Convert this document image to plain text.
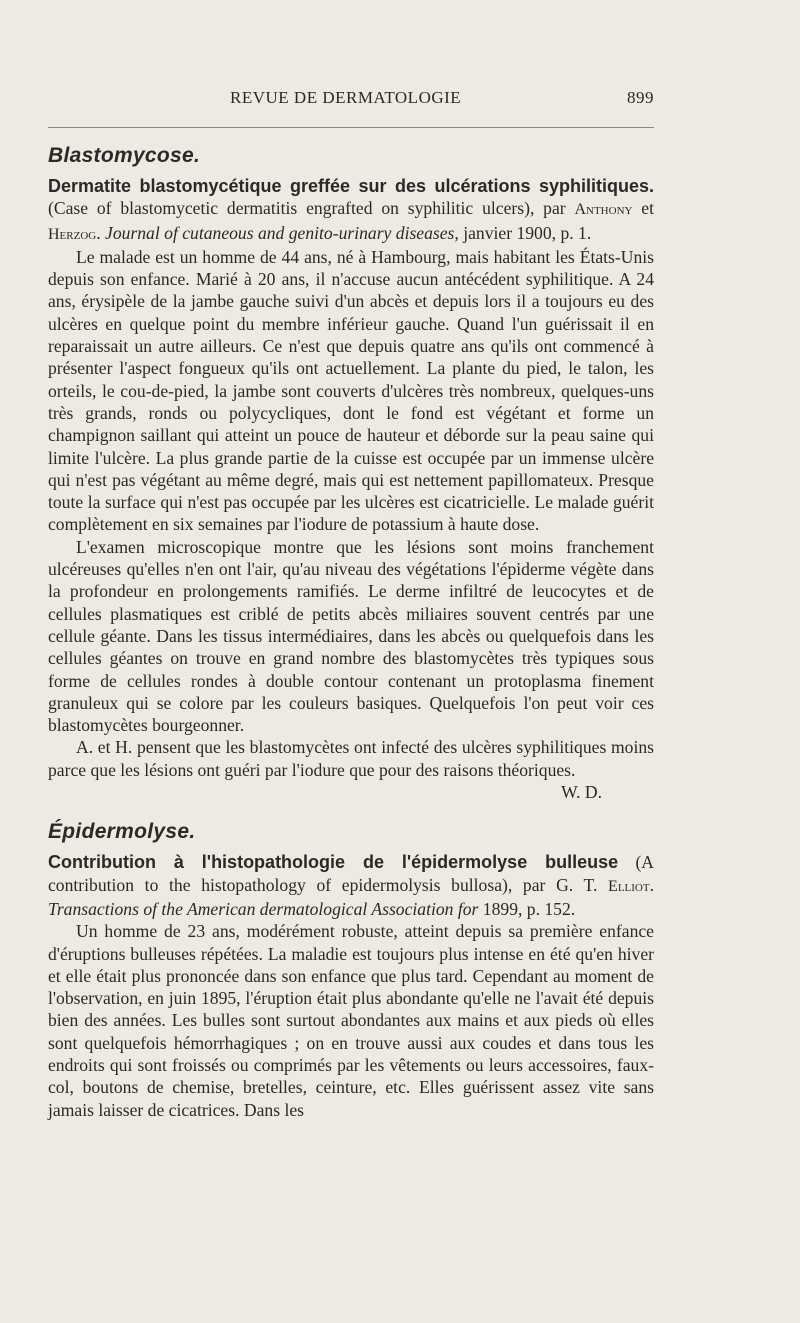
REVUE DE DERMATOLOGIE	899
Blastomycose.

Dermatite blastomycétique greffée sur des ulcérations syphilitiques. (Case of blastomycetic dermatitis engrafted on syphilitic ulcers), par Anthony et Herzog. Journal of cutaneous and genito-urinary diseases, janvier 1900, p. 1.

Le malade est un homme de 44 ans, né à Hambourg, mais habitant les États-Unis depuis son enfance. Marié à 20 ans, il n'accuse aucun antécédent syphilitique. A 24 ans, érysipèle de la jambe gauche suivi d'un abcès et depuis lors il a toujours eu des ulcères en quelque point du membre inférieur gauche. Quand l'un guérissait il en reparaissait un autre ailleurs. Ce n'est que depuis quatre ans qu'ils ont commencé à présenter l'aspect fongueux qu'ils ont actuellement. La plante du pied, le talon, les orteils, le cou-de-pied, la jambe sont couverts d'ulcères très nombreux, quelques-uns très grands, ronds ou polycycliques, dont le fond est végétant et forme un champignon saillant qui atteint un pouce de hauteur et déborde sur la peau saine qui limite l'ulcère. La plus grande partie de la cuisse est occupée par un immense ulcère qui n'est pas végétant au même degré, mais qui est nettement papillomateux. Presque toute la surface qui n'est pas occupée par les ulcères est cicatricielle. Le malade guérit complètement en six semaines par l'iodure de potassium à haute dose.

L'examen microscopique montre que les lésions sont moins franchement ulcéreuses qu'elles n'en ont l'air, qu'au niveau des végétations l'épiderme végète dans la profondeur en prolongements ramifiés. Le derme infiltré de leucocytes et de cellules plasmatiques est criblé de petits abcès miliaires souvent centrés par une cellule géante. Dans les tissus intermédiaires, dans les abcès ou quelquefois dans les cellules géantes on trouve en grand nombre des blastomycètes très typiques sous forme de cellules rondes à double contour contenant un protoplasma finement granuleux qui se colore par les couleurs basiques. Quelquefois l'on peut voir ces blastomycètes bourgeonner.

A. et H. pensent que les blastomycètes ont infecté des ulcères syphilitiques moins parce que les lésions ont guéri par l'iodure que pour des raisons théoriques.

W. D.
Épidermolyse.

Contribution à l'histopathologie de l'épidermolyse bulleuse (A contribution to the histopathology of epidermolysis bullosa), par G. T. Elliot. Transactions of the American dermatological Association for 1899, p. 152.

Un homme de 23 ans, modérément robuste, atteint depuis sa première enfance d'éruptions bulleuses répétées. La maladie est toujours plus intense en été qu'en hiver et elle était plus prononcée dans son enfance que plus tard. Cependant au moment de l'observation, en juin 1895, l'éruption était plus abondante qu'elle ne l'avait été depuis bien des années. Les bulles sont surtout abondantes aux mains et aux pieds où elles sont quelquefois hémorrhagiques ; on en trouve aussi aux coudes et dans tous les endroits qui sont froissés ou comprimés par les vêtements ou leurs accessoires, faux-col, boutons de chemise, bretelles, ceinture, etc. Elles guérissent assez vite sans jamais laisser de cicatrices. Dans les
